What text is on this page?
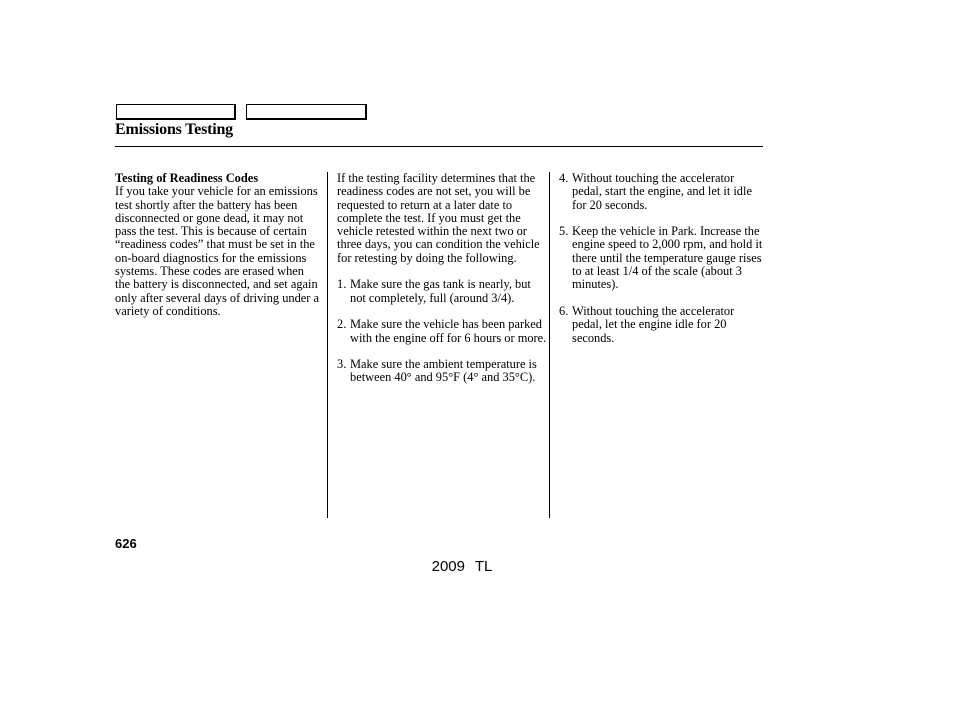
Emissions Testing

Testing of Readiness Codes

If you take your vehicle for an emissions test shortly after the battery has been disconnected or gone dead, it may not pass the test. This is because of certain “readiness codes” that must be set in the on-board diagnostics for the emissions systems. These codes are erased when the battery is disconnected, and set again only after several days of driving under a variety of conditions.

If the testing facility determines that the readiness codes are not set, you will be requested to return at a later date to complete the test. If you must get the vehicle retested within the next two or three days, you can condition the vehicle for retesting by doing the following.

1. Make sure the gas tank is nearly, but not completely, full (around 3/4).
2. Make sure the vehicle has been parked with the engine off for 6 hours or more.
3. Make sure the ambient temperature is between 40° and 95°F (4° and 35°C).
4. Without touching the accelerator pedal, start the engine, and let it idle for 20 seconds.
5. Keep the vehicle in Park. Increase the engine speed to 2,000 rpm, and hold it there until the temperature gauge rises to at least 1/4 of the scale (about 3 minutes).
6. Without touching the accelerator pedal, let the engine idle for 20 seconds.
626
2009 TL
